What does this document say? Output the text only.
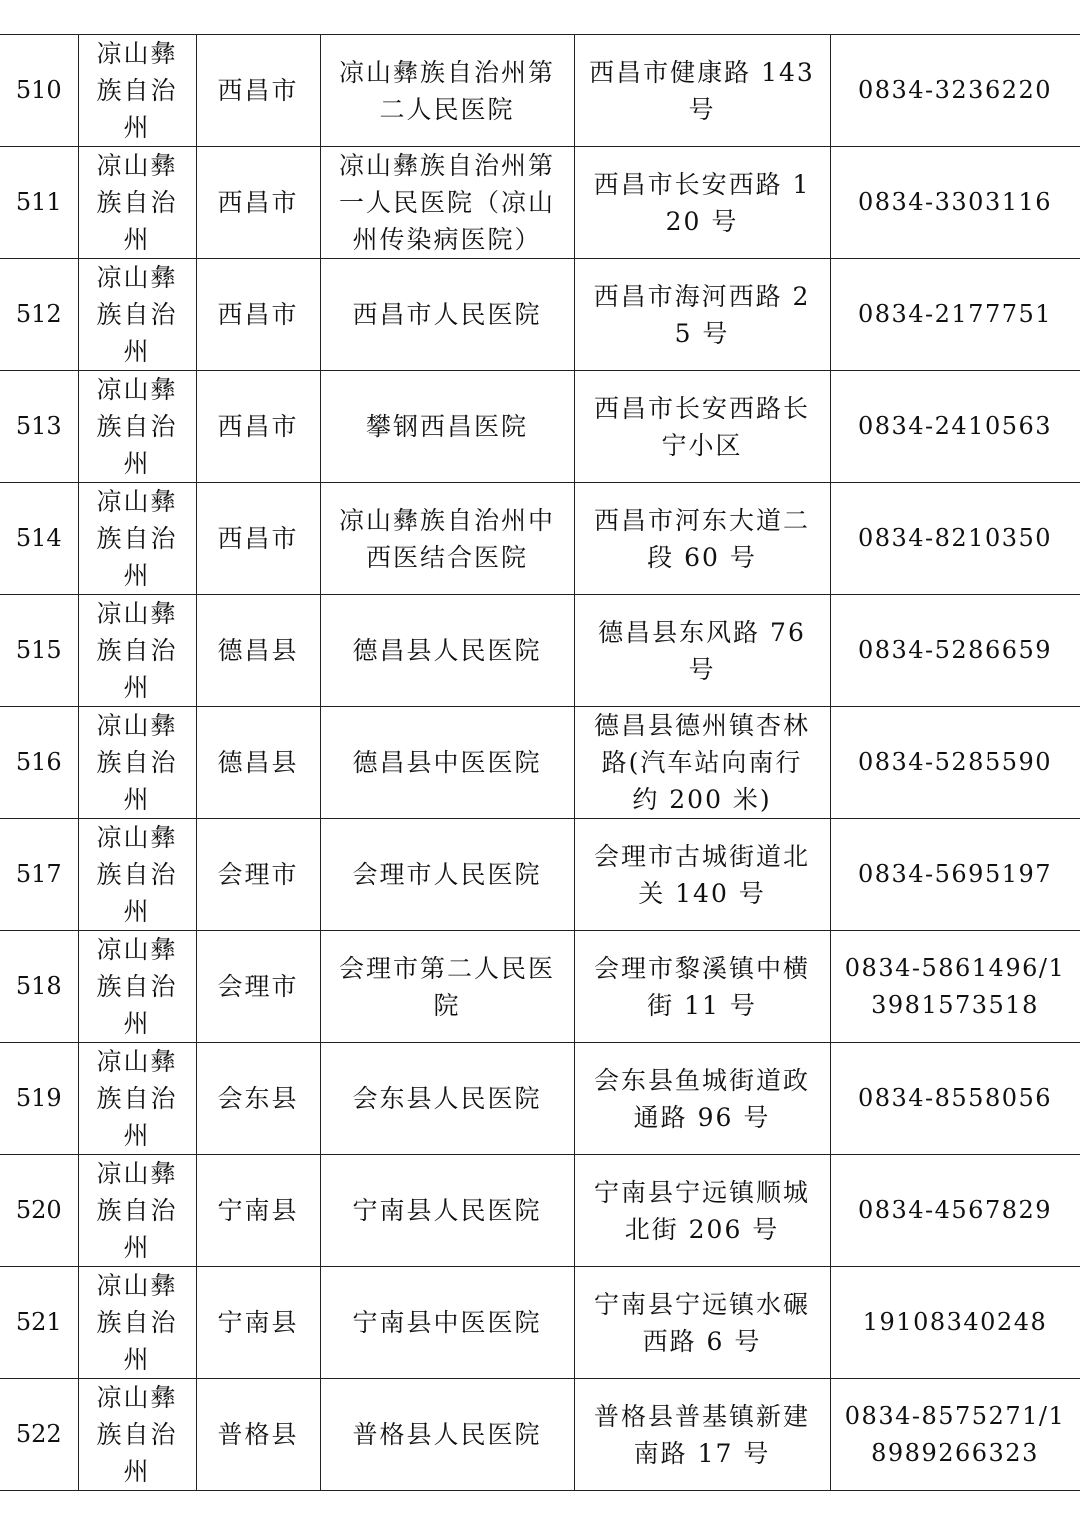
510	凉山彝族自治州	西昌市	凉山彝族自治州第二人民医院	西昌市健康路 143 号	0834-3236220
511	凉山彝族自治州	西昌市	凉山彝族自治州第一人民医院（凉山州传染病医院）	西昌市长安西路 120 号	0834-3303116
512	凉山彝族自治州	西昌市	西昌市人民医院	西昌市海河西路 25 号	0834-2177751
513	凉山彝族自治州	西昌市	攀钢西昌医院	西昌市长安西路长宁小区	0834-2410563
514	凉山彝族自治州	西昌市	凉山彝族自治州中西医结合医院	西昌市河东大道二段 60 号	0834-8210350
515	凉山彝族自治州	德昌县	德昌县人民医院	德昌县东风路 76 号	0834-5286659
516	凉山彝族自治州	德昌县	德昌县中医医院	德昌县德州镇杏林路(汽车站向南行约 200 米)	0834-5285590
517	凉山彝族自治州	会理市	会理市人民医院	会理市古城街道北关 140 号	0834-5695197
518	凉山彝族自治州	会理市	会理市第二人民医院	会理市黎溪镇中横街 11 号	0834-5861496/13981573518
519	凉山彝族自治州	会东县	会东县人民医院	会东县鱼城街道政通路 96 号	0834-8558056
520	凉山彝族自治州	宁南县	宁南县人民医院	宁南县宁远镇顺城北街 206 号	0834-4567829
521	凉山彝族自治州	宁南县	宁南县中医医院	宁南县宁远镇水碾西路 6 号	19108340248
522	凉山彝族自治州	普格县	普格县人民医院	普格县普基镇新建南路 17 号	0834-8575271/18989266323
